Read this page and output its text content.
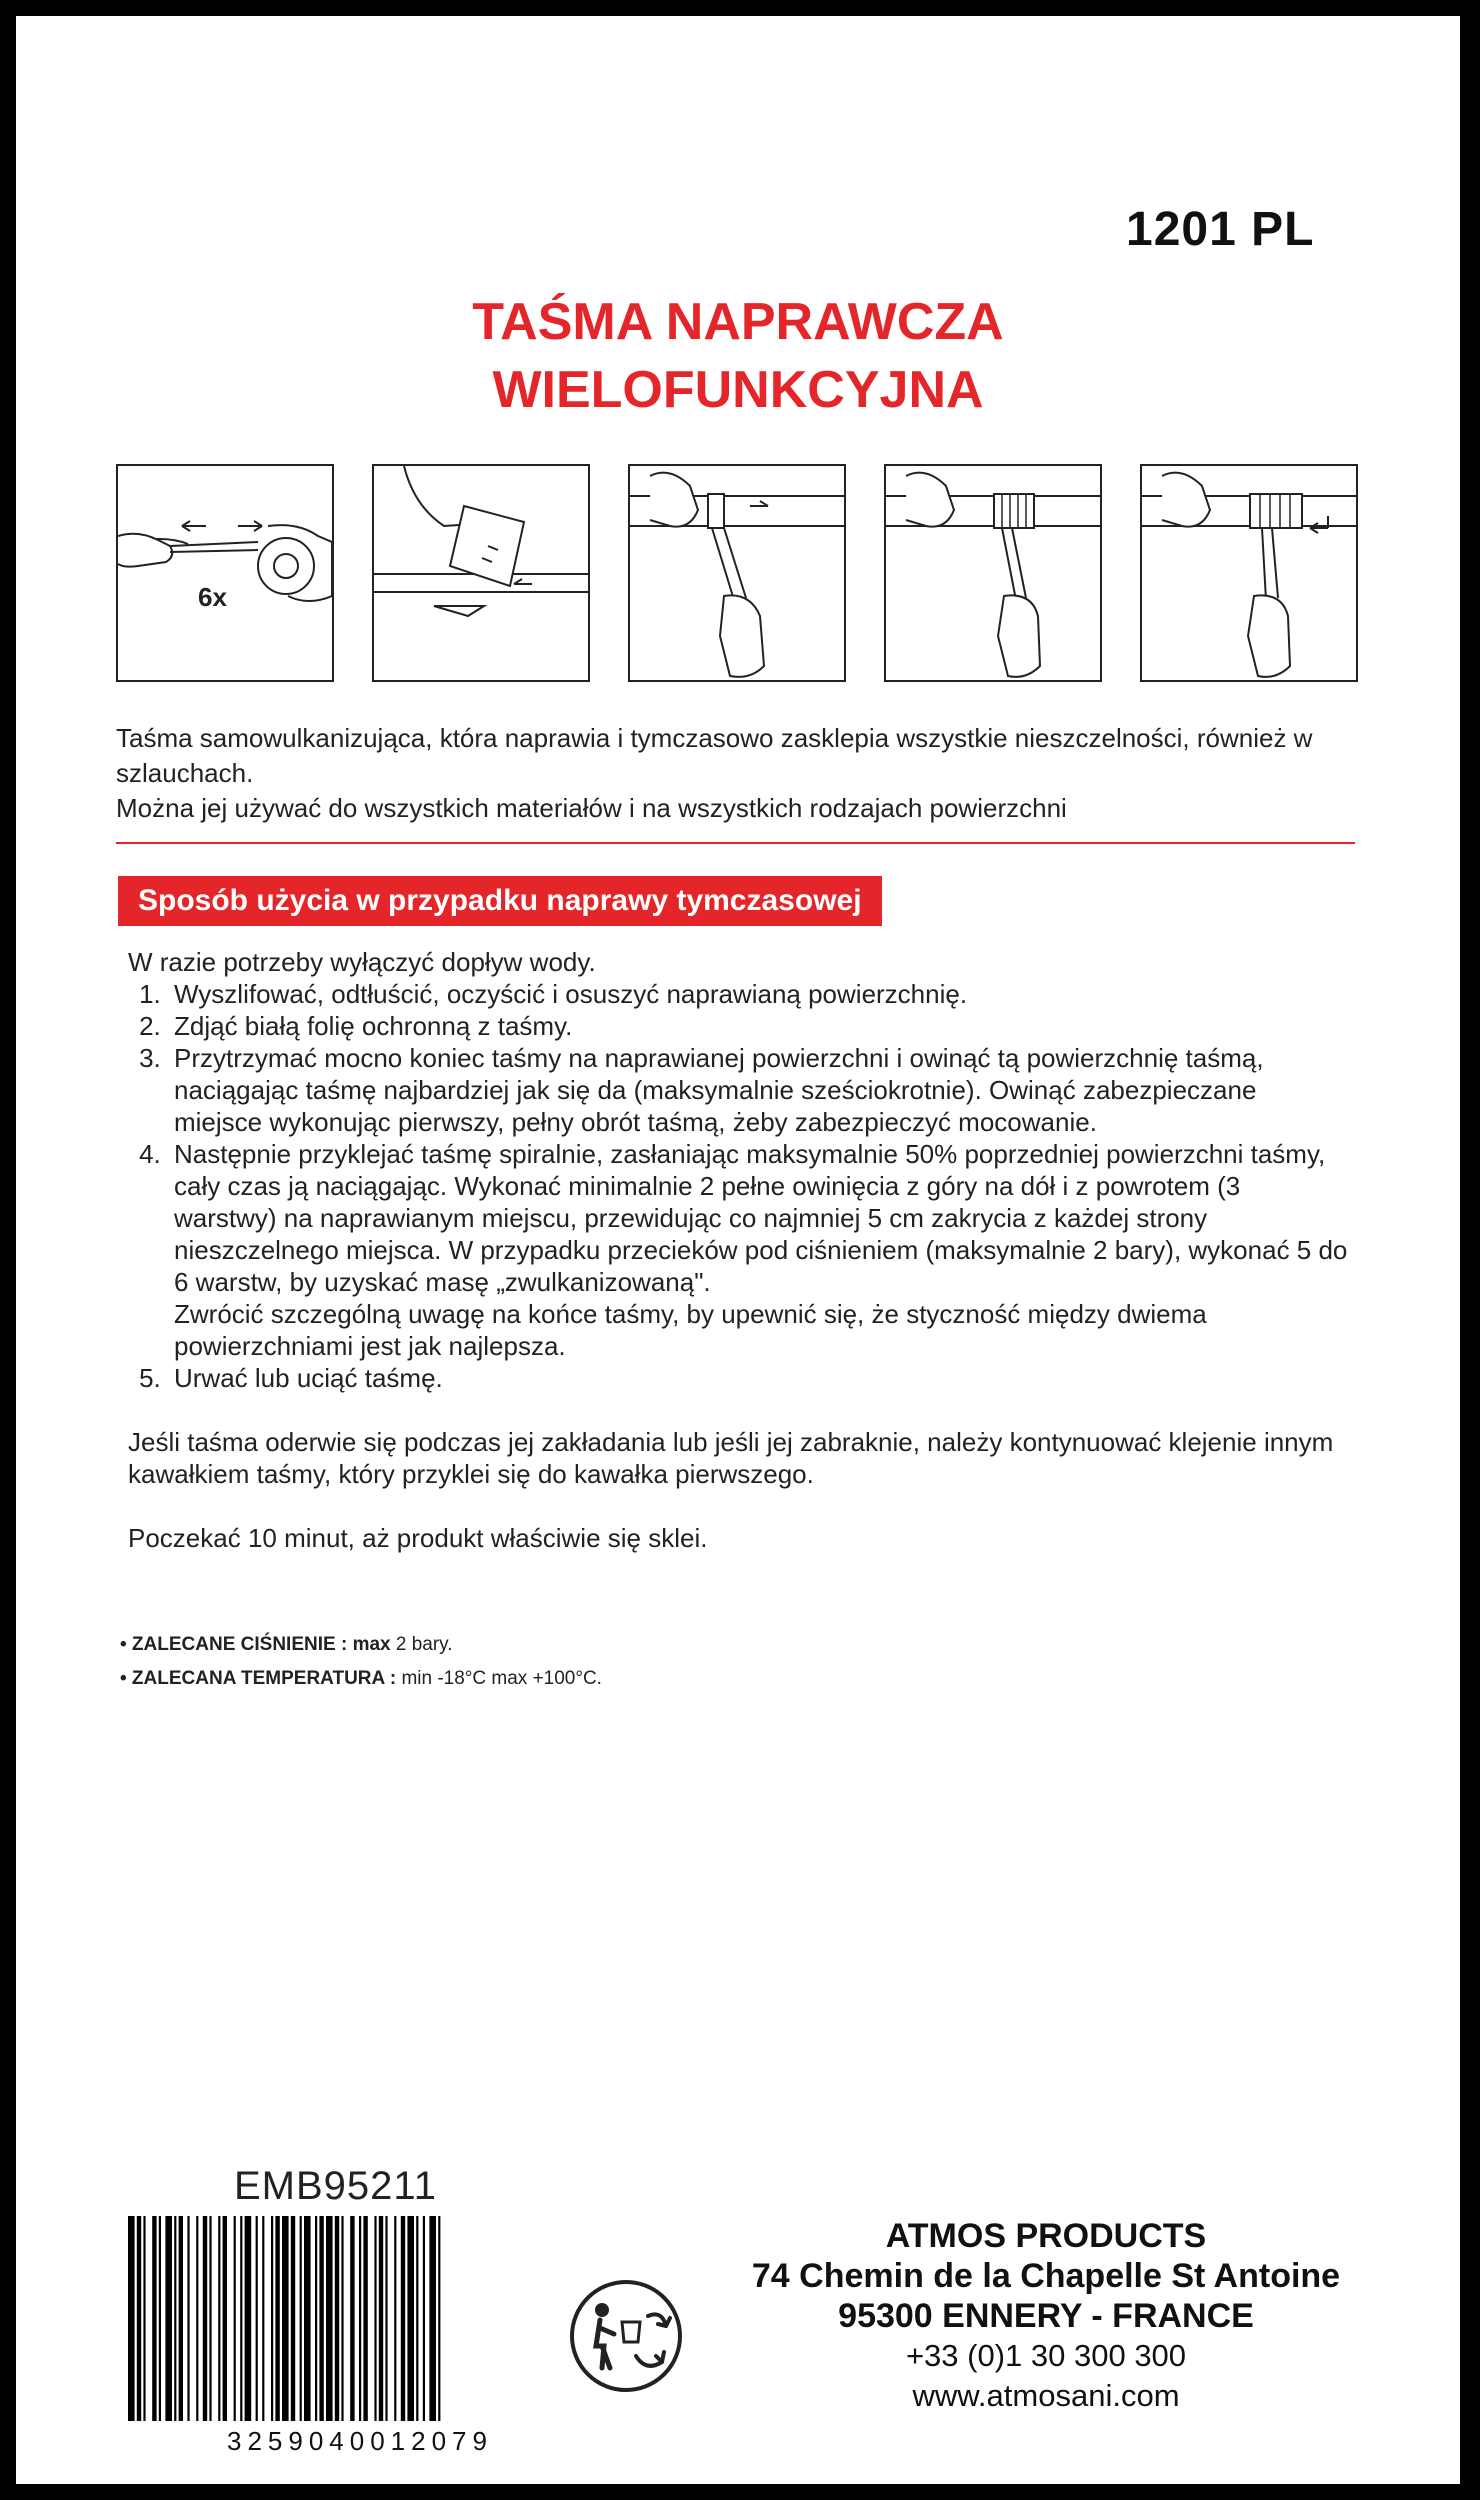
1201 PL
TAŚMA NAPRAWCZA
WIELOFUNKCYJNA
6x
Taśma samowulkanizująca, która naprawia i tymczasowo zasklepia wszystkie nieszczelności, również w szlauchach.
Można jej używać do wszystkich materiałów i na wszystkich rodzajach powierzchni
Sposób użycia w przypadku naprawy tymczasowej

W razie potrzeby wyłączyć dopływ wody.

1. Wyszlifować, odtłuścić, oczyścić i osuszyć naprawianą powierzchnię.
2. Zdjąć białą folię ochronną z taśmy.
3. Przytrzymać mocno koniec taśmy na naprawianej powierzchni i owinąć tą powierzchnię taśmą, naciągając taśmę najbardziej jak się da (maksymalnie sześciokrotnie). Owinąć zabezpieczane miejsce wykonując pierwszy, pełny obrót taśmą, żeby zabezpieczyć mocowanie.
4. Następnie przyklejać taśmę spiralnie, zasłaniając maksymalnie 50% poprzedniej powierzchni taśmy, cały czas ją naciągając. Wykonać minimalnie 2 pełne owinięcia z góry na dół i z powrotem (3 warstwy) na naprawianym miejscu, przewidując co najmniej 5 cm zakrycia z każdej strony nieszczelnego miejsca. W przypadku przecieków pod ciśnieniem (maksymalnie 2 bary), wykonać 5 do 6 warstw, by uzyskać masę „zwulkanizowaną".
Zwrócić szczególną uwagę na końce taśmy, by upewnić się, że styczność między dwiema powierzchniami jest jak najlepsza.
5. Urwać lub uciąć taśmę.

Jeśli taśma oderwie się podczas jej zakładania lub jeśli jej zabraknie, należy kontynuować klejenie innym kawałkiem taśmy, który przyklei się do kawałka pierwszego.

Poczekać 10 minut, aż produkt właściwie się sklei.

• ZALECANE CIŚNIENIE : max 2 bary.
• ZALECANA TEMPERATURA : min -18°C max +100°C.
EMB95211
3259040012079
ATMOS PRODUCTS
74 Chemin de la Chapelle St Antoine
95300 ENNERY - FRANCE
+33 (0)1 30 300 300
www.atmosani.com
